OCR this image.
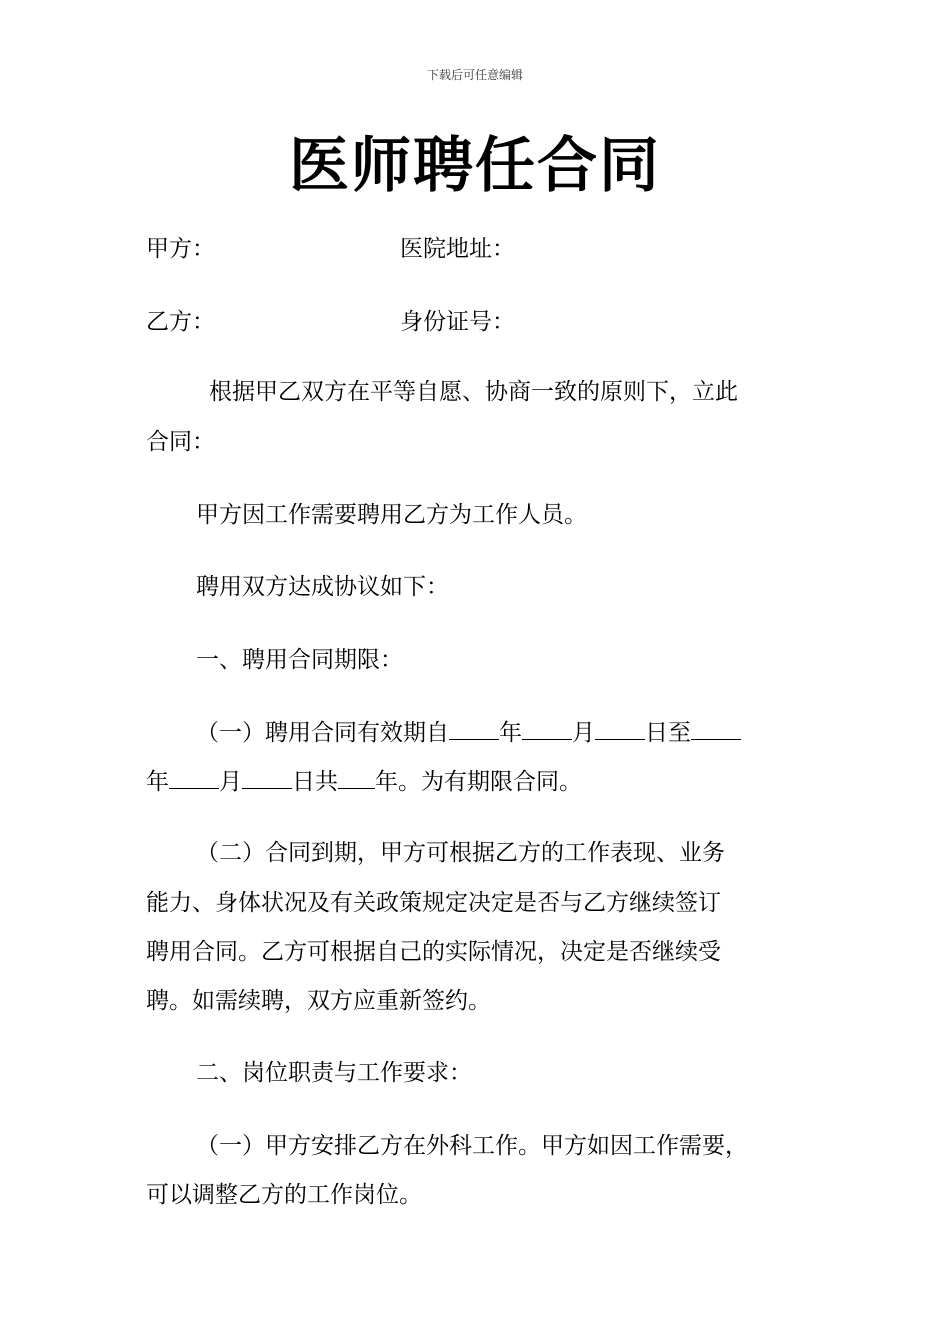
下载后可任意编辑
医师聘任合同
甲方：	医院地址：
乙方：	身份证号：
根据甲乙双方在平等自愿、协商一致的原则下，立此
合同：
甲方因工作需要聘用乙方为工作人员。
聘用双方达成协议如下：
一、聘用合同期限：
（一）聘用合同有效期自 年 月 日至
年 月 日共 年。为有期限合同。
（二）合同到期，甲方可根据乙方的工作表现、业务
能力、身体状况及有关政策规定决定是否与乙方继续签订
聘用合同。乙方可根据自己的实际情况，决定是否继续受
聘。如需续聘，双方应重新签约。
二、岗位职责与工作要求：
（一）甲方安排乙方在外科工作。甲方如因工作需要，
可以调整乙方的工作岗位。
